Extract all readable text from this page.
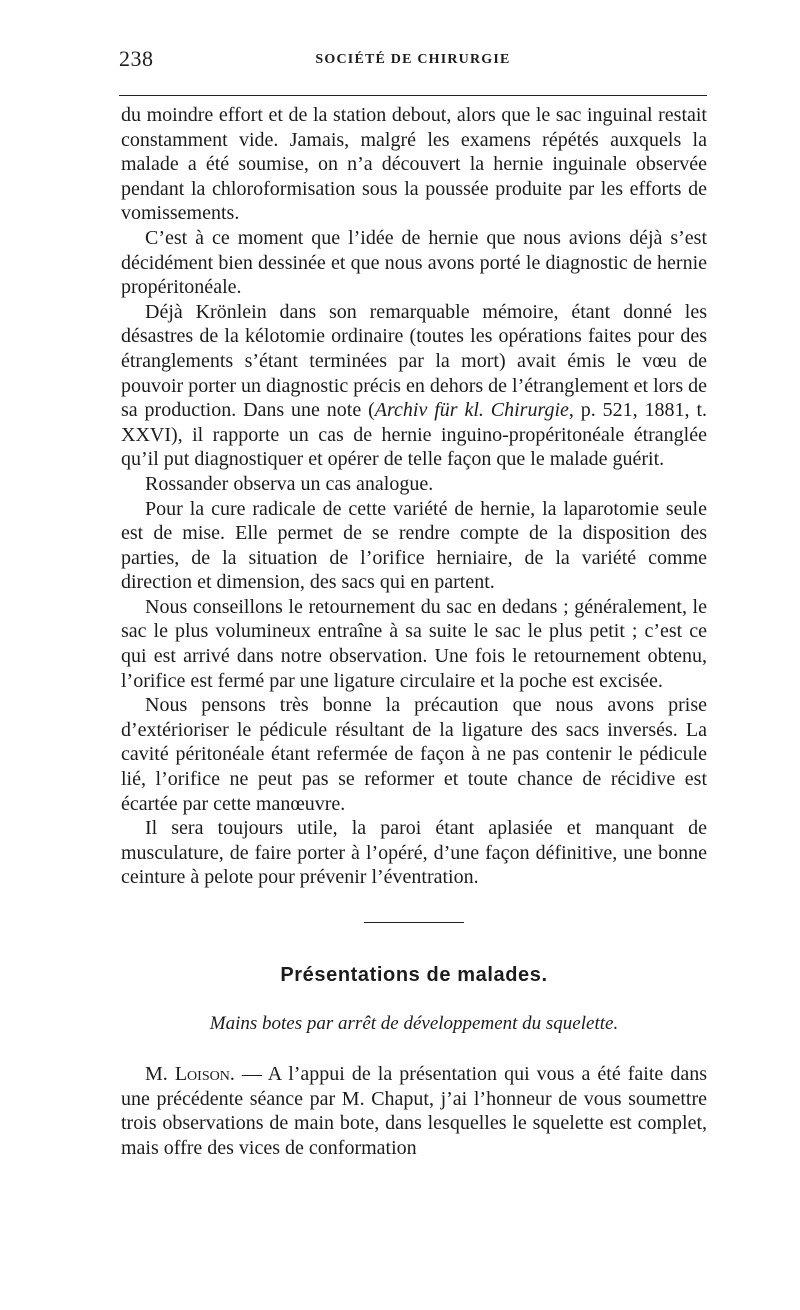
238	SOCIÉTÉ DE CHIRURGIE

du moindre effort et de la station debout, alors que le sac inguinal restait constamment vide. Jamais, malgré les examens répétés auxquels la malade a été soumise, on n’a découvert la hernie inguinale observée pendant la chloroformisation sous la poussée produite par les efforts de vomissements.

C’est à ce moment que l’idée de hernie que nous avions déjà s’est décidément bien dessinée et que nous avons porté le diagnostic de hernie propéritonéale.

Déjà Krönlein dans son remarquable mémoire, étant donné les désastres de la kélotomie ordinaire (toutes les opérations faites pour des étranglements s’étant terminées par la mort) avait émis le vœu de pouvoir porter un diagnostic précis en dehors de l’étranglement et lors de sa production. Dans une note (Archiv für kl. Chirurgie, p. 521, 1881, t. XXVI), il rapporte un cas de hernie inguino-propéritonéale étranglée qu’il put diagnostiquer et opérer de telle façon que le malade guérit.

Rossander observa un cas analogue.

Pour la cure radicale de cette variété de hernie, la laparotomie seule est de mise. Elle permet de se rendre compte de la disposition des parties, de la situation de l’orifice herniaire, de la variété comme direction et dimension, des sacs qui en partent.

Nous conseillons le retournement du sac en dedans ; généralement, le sac le plus volumineux entraîne à sa suite le sac le plus petit ; c’est ce qui est arrivé dans notre observation. Une fois le retournement obtenu, l’orifice est fermé par une ligature circulaire et la poche est excisée.

Nous pensons très bonne la précaution que nous avons prise d’extérioriser le pédicule résultant de la ligature des sacs inversés. La cavité péritonéale étant refermée de façon à ne pas contenir le pédicule lié, l’orifice ne peut pas se reformer et toute chance de récidive est écartée par cette manœuvre.

Il sera toujours utile, la paroi étant aplasiée et manquant de musculature, de faire porter à l’opéré, d’une façon définitive, une bonne ceinture à pelote pour prévenir l’éventration.

Présentations de malades.
Mains botes par arrêt de développement du squelette.

M. Loison. — A l’appui de la présentation qui vous a été faite dans une précédente séance par M. Chaput, j’ai l’honneur de vous soumettre trois observations de main bote, dans lesquelles le squelette est complet, mais offre des vices de conformation
